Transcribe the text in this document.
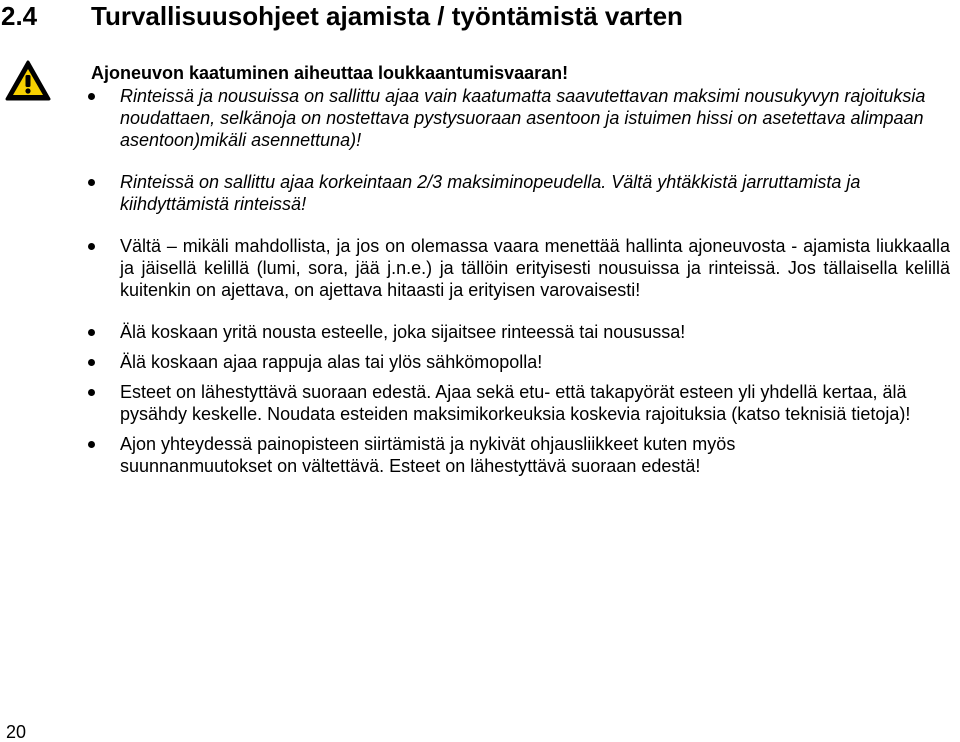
2.4 Turvallisuusohjeet ajamista / työntämistä varten
Ajoneuvon kaatuminen aiheuttaa loukkaantumisvaaran!
Rinteissä ja nousuissa on sallittu ajaa vain kaatumatta saavutettavan maksimi nousukyvyn rajoituksia noudattaen, selkänoja on nostettava pystysuoraan asentoon ja istuimen hissi on asetettava alimpaan asentoon)mikäli asennettuna)!
Rinteissä on sallittu ajaa korkeintaan 2/3 maksiminopeudella. Vältä yhtäkkistä jarruttamista ja kiihdyttämistä rinteissä!
Vältä – mikäli mahdollista, ja jos on olemassa vaara menettää hallinta ajoneuvosta - ajamista liukkaalla ja jäisellä kelillä (lumi, sora, jää j.n.e.) ja tällöin erityisesti nousuissa ja rinteissä. Jos tällaisella kelillä kuitenkin on ajettava, on ajettava hitaasti ja erityisen varovaisesti!
Älä koskaan yritä nousta esteelle, joka sijaitsee rinteessä tai nousussa!
Älä koskaan ajaa rappuja alas tai ylös sähkömopolla!
Esteet on lähestyttävä suoraan edestä. Ajaa sekä etu- että takapyörät esteen yli yhdellä kertaa, älä pysähdy keskelle. Noudata esteiden maksimikorkeuksia koskevia rajoituksia (katso teknisiä tietoja)!
Ajon yhteydessä painopisteen siirtämistä ja nykivät ohjausliikkeet kuten myös suunnanmuutokset on vältettävä. Esteet on lähestyttävä suoraan edestä!
20
